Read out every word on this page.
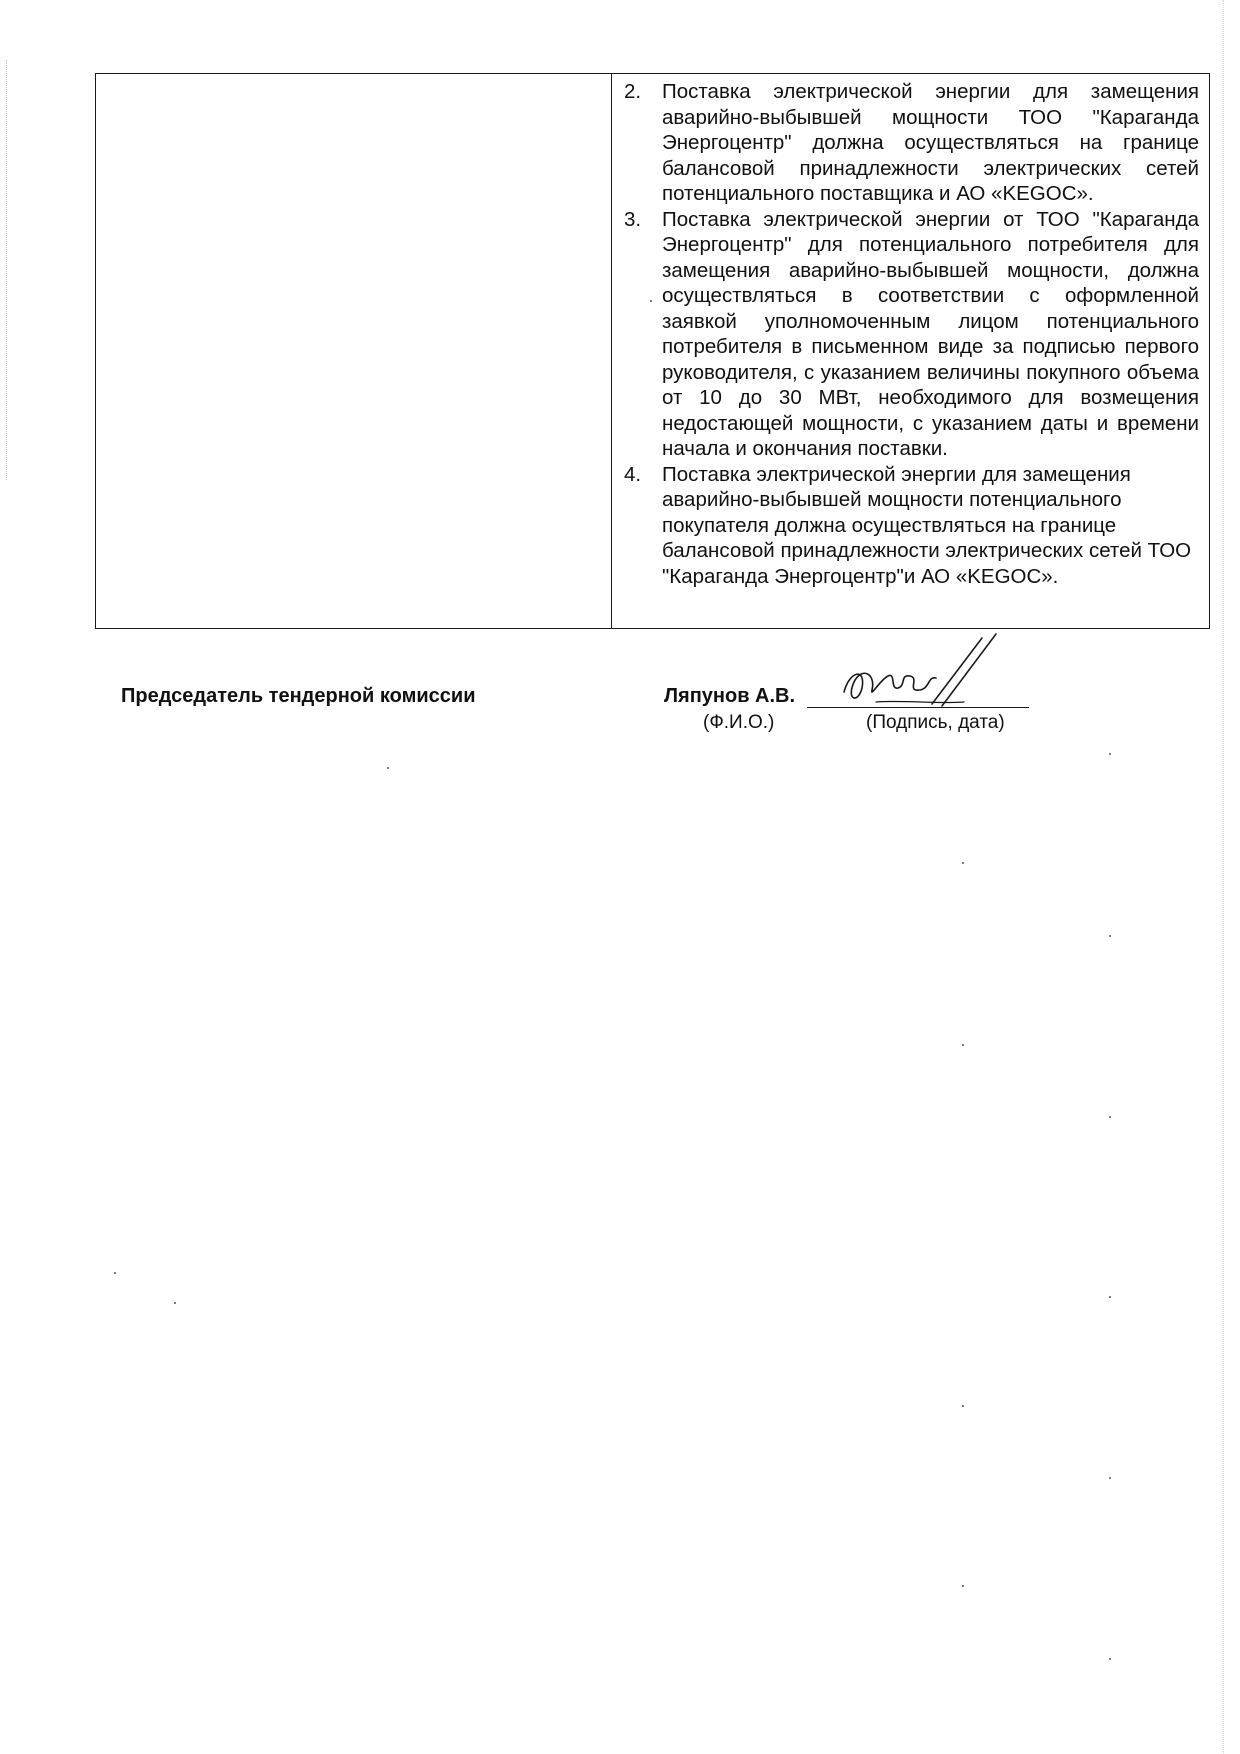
2.	Поставка электрической энергии для замещения аварийно-выбывшей мощности ТОО "Караганда Энергоцентр" должна осуществляться на границе балансовой принадлежности электрических сетей потенциального поставщика и АО «KEGOC».
3.	Поставка электрической энергии от ТОО "Караганда Энергоцентр" для потенциального потребителя для замещения аварийно-выбывшей мощности, должна осуществляться в соответствии с оформленной заявкой уполномоченным лицом потенциального потребителя в письменном виде за подписью первого руководителя, с указанием величины покупного объема от 10 до 30 МВт, необходимого для возмещения недостающей мощности, с указанием даты и времени начала и окончания поставки.
4.	Поставка электрической энергии для замещения аварийно-выбывшей мощности потенциального покупателя должна осуществляться на границе балансовой принадлежности электрических сетей ТОО "Караганда Энергоцентр"и АО «KEGOC».
Председатель тендерной комиссии	Ляпунов А.В.
(Ф.И.О.)	(Подпись, дата)
